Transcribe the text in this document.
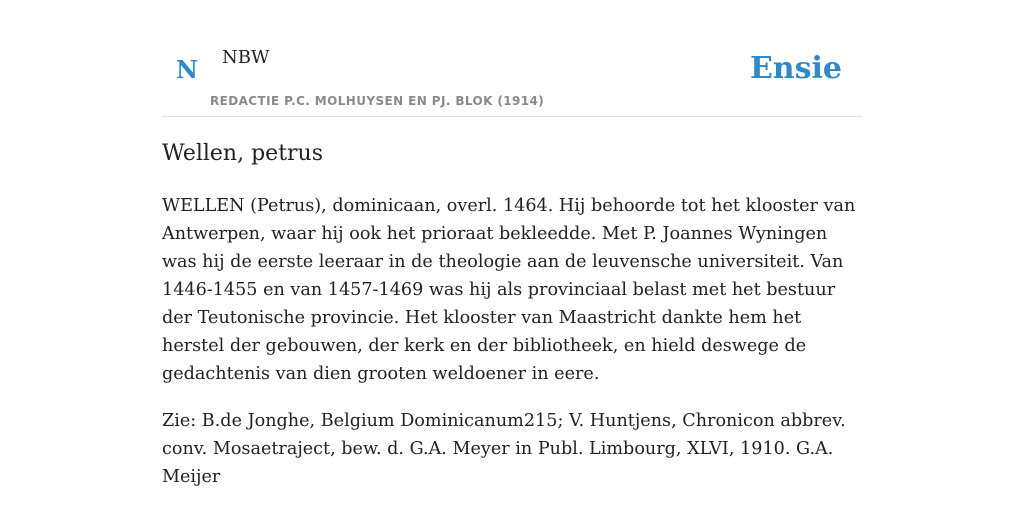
N NBW
REDACTIE P.C. MOLHUYSEN EN PJ. BLOK (1914)
Ensie
Wellen, petrus

WELLEN (Petrus), dominicaan, overl. 1464. Hij behoorde tot het klooster van Antwerpen, waar hij ook het prioraat bekleedde. Met P. Joannes Wyningen was hij de eerste leeraar in de theologie aan de leuvensche universiteit. Van 1446-1455 en van 1457-1469 was hij als provinciaal belast met het bestuur der Teutonische provincie. Het klooster van Maastricht dankte hem het herstel der gebouwen, der kerk en der bibliotheek, en hield deswege de gedachtenis van dien grooten weldoener in eere.

Zie: B.de Jonghe, Belgium Dominicanum215; V. Huntjens, Chronicon abbrev. conv. Mosaetraject, bew. d. G.A. Meyer in Publ. Limbourg, XLVI, 1910. G.A. Meijer
